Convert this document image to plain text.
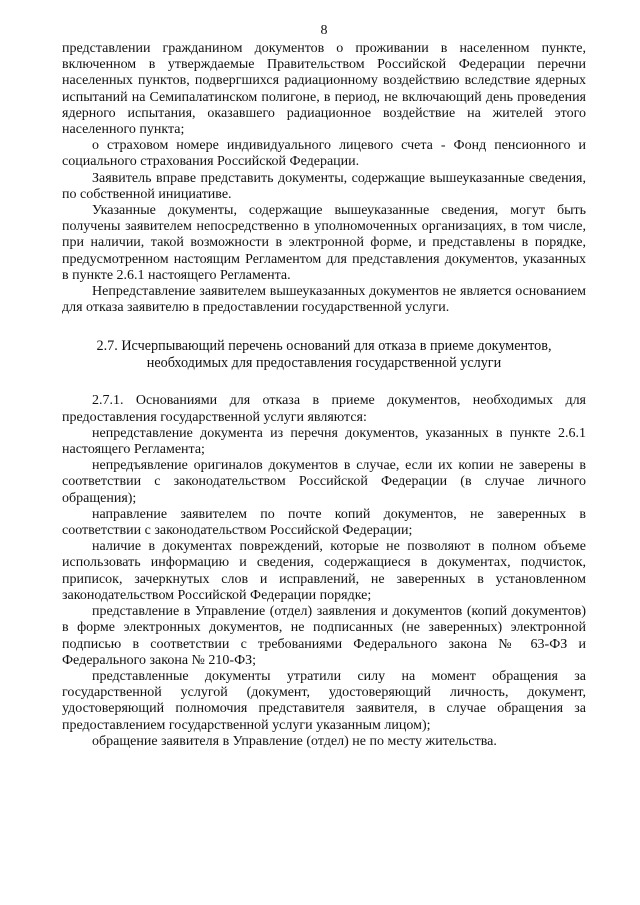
8

представлении гражданином документов о проживании в населенном пункте, включенном в утверждаемые Правительством Российской Федерации перечни населенных пунктов, подвергшихся радиационному воздействию вследствие ядерных испытаний на Семипалатинском полигоне, в период, не включающий день проведения ядерного испытания, оказавшего радиационное воздействие на жителей этого населенного пункта;

о страховом номере индивидуального лицевого счета - Фонд пенсионного и социального страхования Российской Федерации.

Заявитель вправе представить документы, содержащие вышеуказанные сведения, по собственной инициативе.

Указанные документы, содержащие вышеуказанные сведения, могут быть получены заявителем непосредственно в уполномоченных организациях, в том числе, при наличии, такой возможности в электронной форме, и представлены в порядке, предусмотренном настоящим Регламентом для представления документов, указанных в пункте 2.6.1 настоящего Регламента.

Непредставление заявителем вышеуказанных документов не является основанием для отказа заявителю в предоставлении государственной услуги.

2.7. Исчерпывающий перечень оснований для отказа в приеме документов,
необходимых для предоставления государственной услуги

2.7.1. Основаниями для отказа в приеме документов, необходимых для предоставления государственной услуги являются:

непредставление документа из перечня документов, указанных в пункте 2.6.1 настоящего Регламента;

непредъявление оригиналов документов в случае, если их копии не заверены в соответствии с законодательством Российской Федерации (в случае личного обращения);

направление заявителем по почте копий документов, не заверенных в соответствии с законодательством Российской Федерации;

наличие в документах повреждений, которые не позволяют в полном объеме использовать информацию и сведения, содержащиеся в документах, подчисток, приписок, зачеркнутых слов и исправлений, не заверенных в установленном законодательством Российской Федерации порядке;

представление в Управление (отдел) заявления и документов (копий документов) в форме электронных документов, не подписанных (не заверенных) электронной подписью в соответствии с требованиями Федерального закона № 63-ФЗ и Федерального закона № 210-ФЗ;

представленные документы утратили силу на момент обращения за государственной услугой (документ, удостоверяющий личность, документ, удостоверяющий полномочия представителя заявителя, в случае обращения за предоставлением государственной услуги указанным лицом);

обращение заявителя в Управление (отдел) не по месту жительства.
